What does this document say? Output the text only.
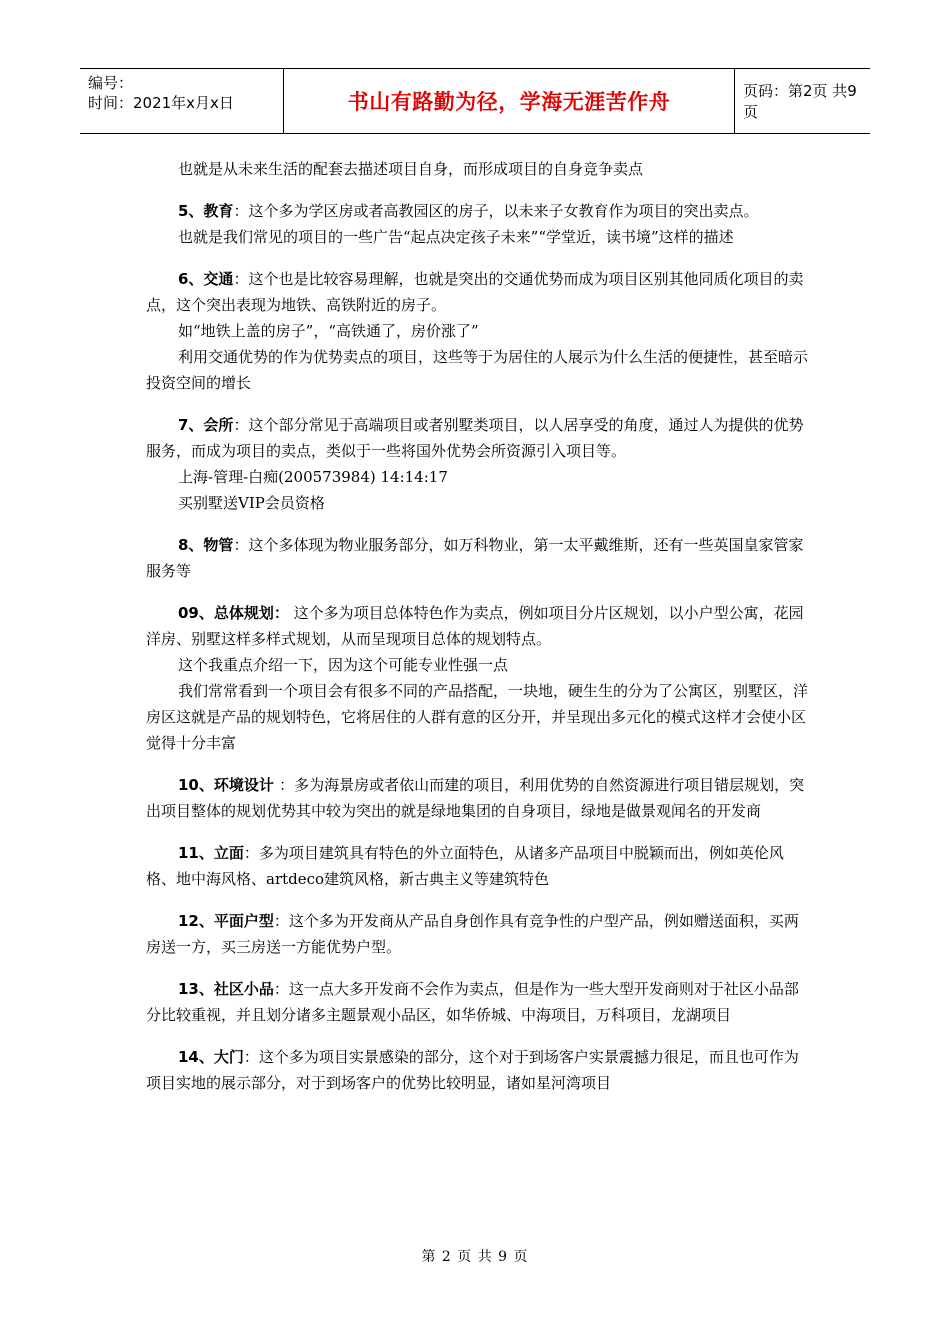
编号：
时间：2021年x月x日	书山有路勤为径，学海无涯苦作舟	页码：第2页 共9页

也就是从未来生活的配套去描述项目自身，而形成项目的自身竞争卖点

5、教育：这个多为学区房或者高教园区的房子，以未来子女教育作为项目的突出卖点。

也就是我们常见的项目的一些广告“起点决定孩子未来”“学堂近，读书境”这样的描述

6、交通：这个也是比较容易理解，也就是突出的交通优势而成为项目区别其他同质化项目的卖点，这个突出表现为地铁、高铁附近的房子。

如“地铁上盖的房子”，“高铁通了，房价涨了”

利用交通优势的作为优势卖点的项目，这些等于为居住的人展示为什么生活的便捷性，甚至暗示投资空间的增长

7、会所：这个部分常见于高端项目或者别墅类项目，以人居享受的角度，通过人为提供的优势服务，而成为项目的卖点，类似于一些将国外优势会所资源引入项目等。

上海-管理-白痴(200573984) 14:14:17

买别墅送VIP会员资格

8、物管：这个多体现为物业服务部分，如万科物业，第一太平戴维斯，还有一些英国皇家管家服务等

09、总体规划： 这个多为项目总体特色作为卖点，例如项目分片区规划，以小户型公寓，花园洋房、别墅这样多样式规划，从而呈现项目总体的规划特点。

这个我重点介绍一下，因为这个可能专业性强一点

我们常常看到一个项目会有很多不同的产品搭配，一块地，硬生生的分为了公寓区，别墅区，洋房区这就是产品的规划特色，它将居住的人群有意的区分开，并呈现出多元化的模式这样才会使小区觉得十分丰富

10、环境设计 ：多为海景房或者依山而建的项目，利用优势的自然资源进行项目错层规划，突出项目整体的规划优势其中较为突出的就是绿地集团的自身项目，绿地是做景观闻名的开发商

11、立面：多为项目建筑具有特色的外立面特色，从诸多产品项目中脱颖而出，例如英伦风格、地中海风格、artdeco建筑风格，新古典主义等建筑特色

12、平面户型：这个多为开发商从产品自身创作具有竞争性的户型产品，例如赠送面积，买两房送一方，买三房送一方能优势户型。

13、社区小品：这一点大多开发商不会作为卖点，但是作为一些大型开发商则对于社区小品部分比较重视，并且划分诸多主题景观小品区，如华侨城、中海项目，万科项目，龙湖项目

14、大门：这个多为项目实景感染的部分，这个对于到场客户实景震撼力很足，而且也可作为项目实地的展示部分，对于到场客户的优势比较明显，诸如星河湾项目

第 2 页 共 9 页
